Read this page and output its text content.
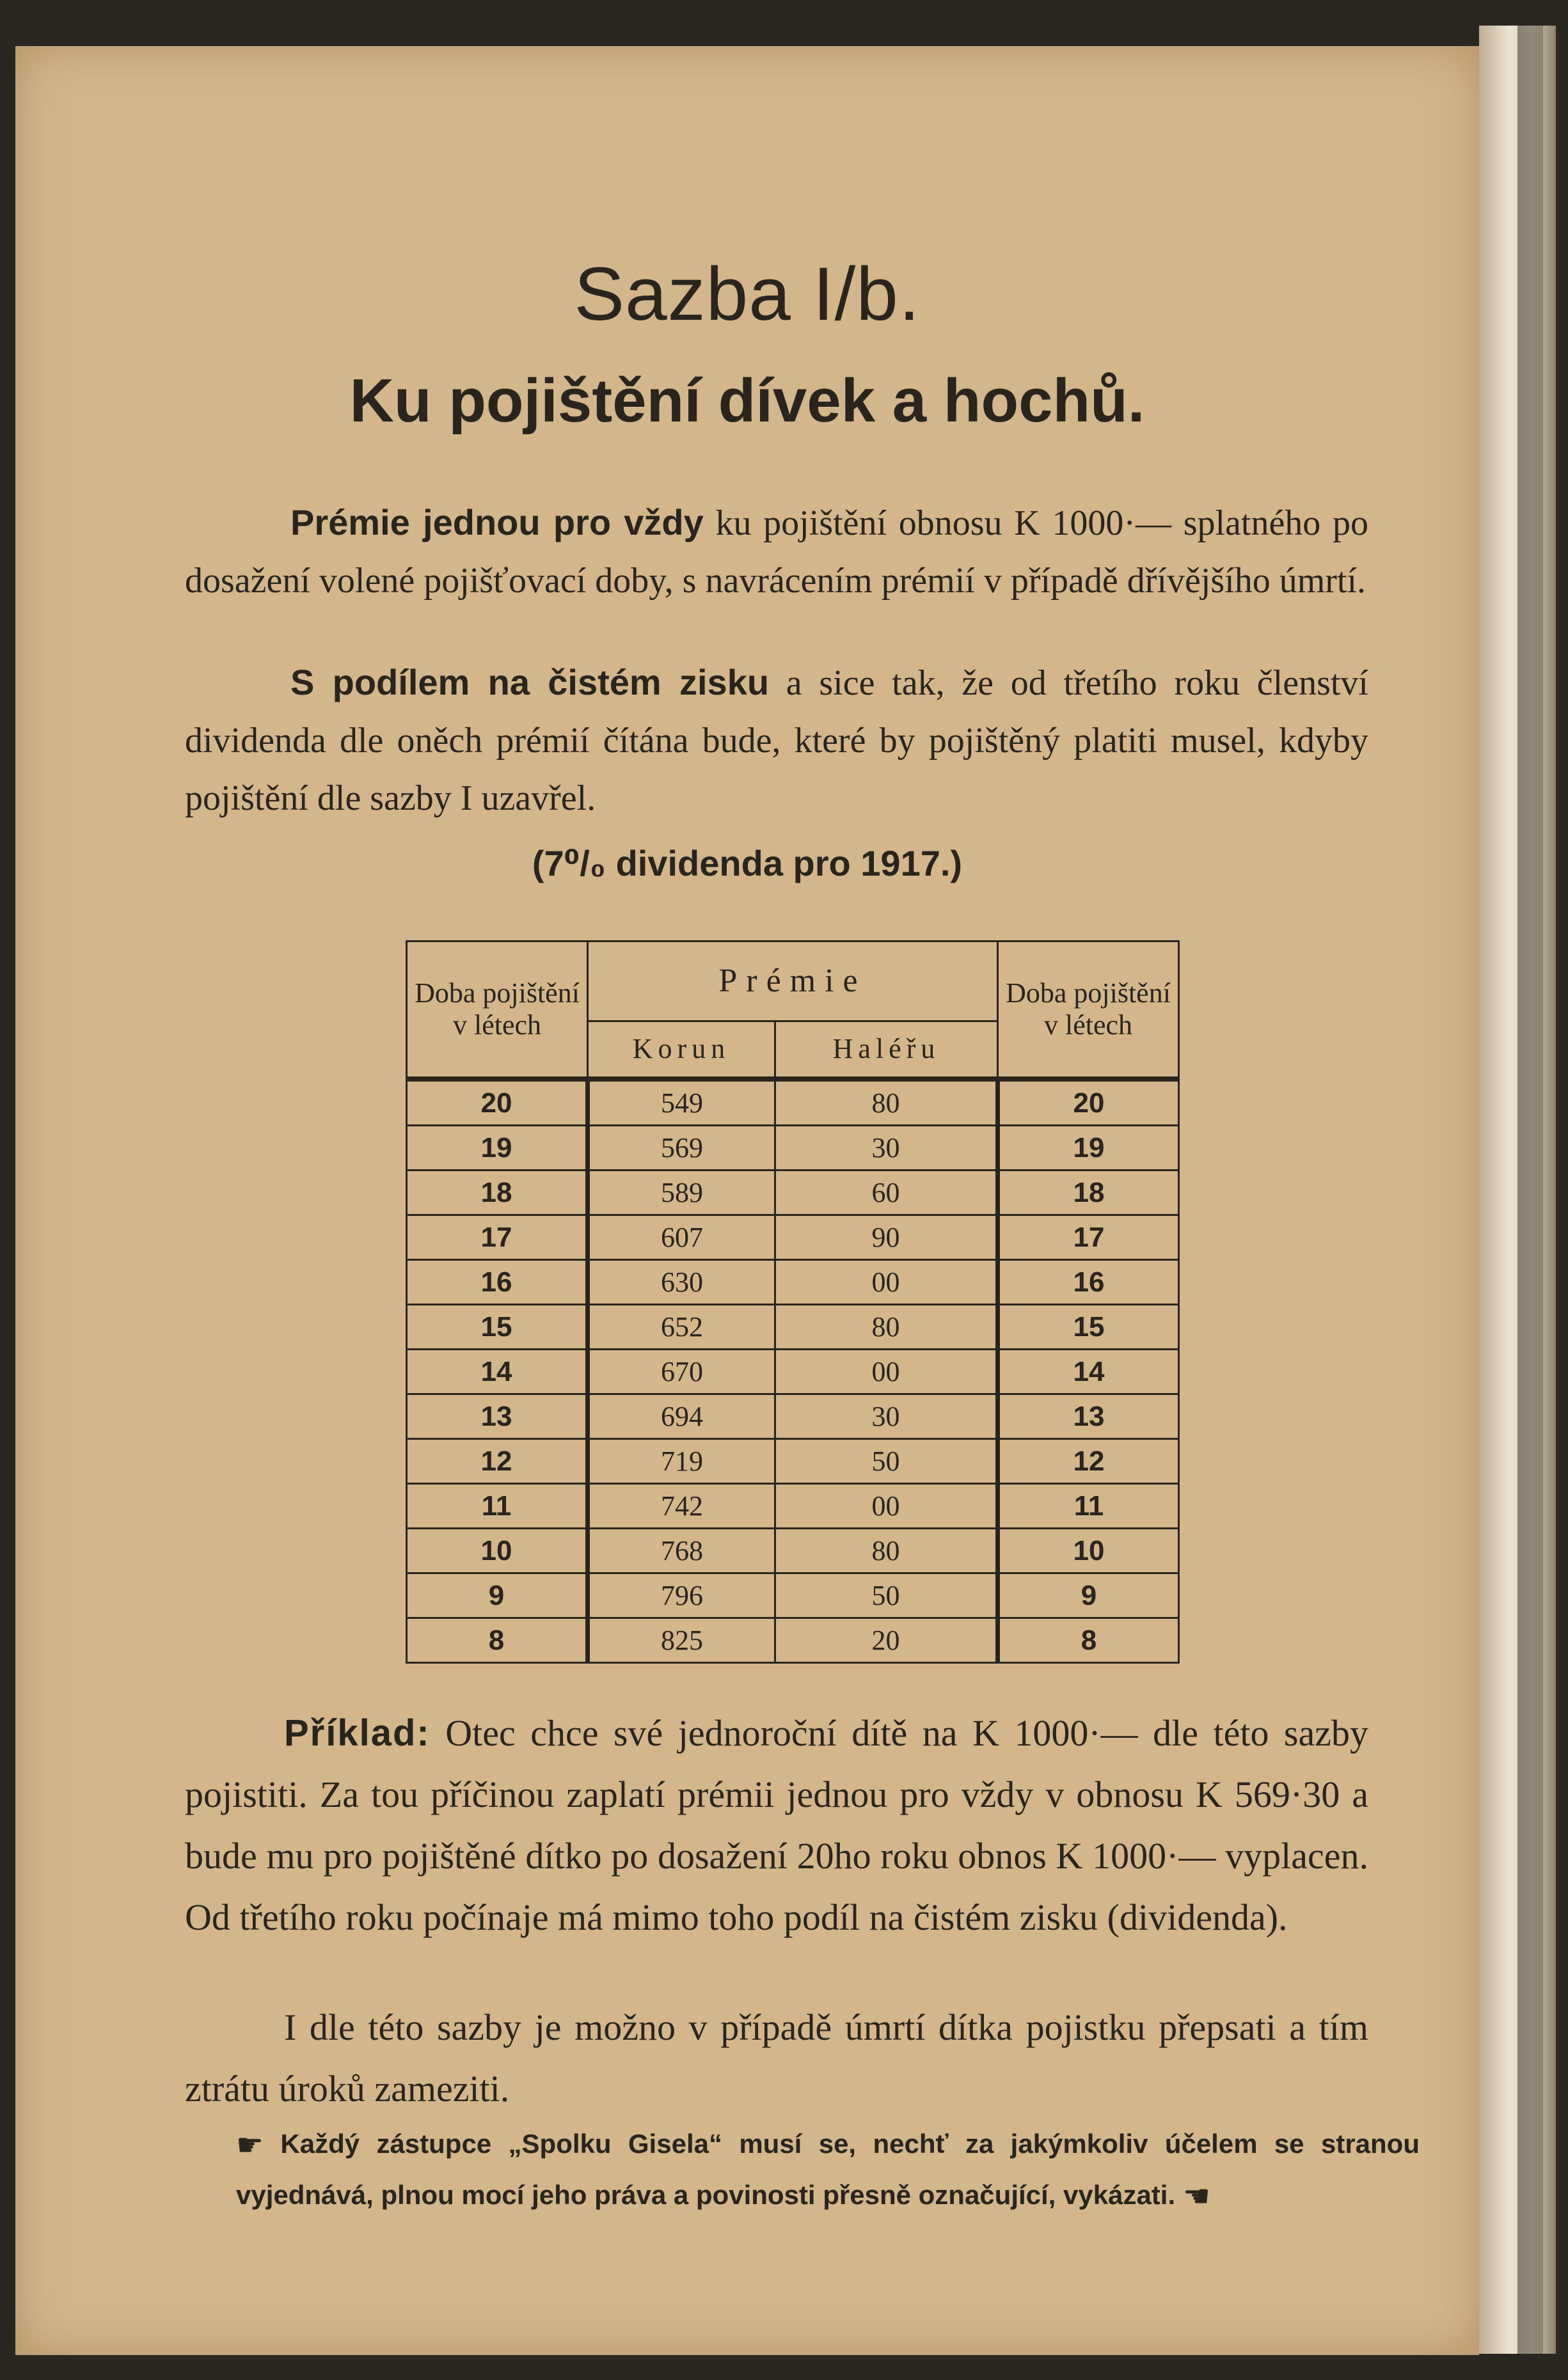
Sazba I/b.
Ku pojištění dívek a hochů.

Prémie jednou pro vždy ku pojištění obnosu K 1000·— splatného po dosažení volené pojišťovací doby, s navrácením prémií v případě dřívějšího úmrtí.

S podílem na čistém zisku a sice tak, že od třetího roku členství dividenda dle oněch prémií čítána bude, které by pojištěný platiti musel, kdyby pojištění dle sazby I uzavřel.

(7⁰/₀ dividenda pro 1917.)
Doba pojištění v létech	Prémie		Doba pojištění v létech
	Korun	Haléřu	
20	549	80	20
19	569	30	19
18	589	60	18
17	607	90	17
16	630	00	16
15	652	80	15
14	670	00	14
13	694	30	13
12	719	50	12
11	742	00	11
10	768	80	10
9	796	50	9
8	825	20	8

Příklad: Otec chce své jednoroční dítě na K 1000·— dle této sazby pojistiti. Za tou příčinou zaplatí prémii jednou pro vždy v obnosu K 569·30 a bude mu pro pojištěné dítko po dosažení 20ho roku obnos K 1000·— vyplacen. Od třetího roku počínaje má mimo toho podíl na čistém zisku (dividenda).

I dle této sazby je možno v případě úmrtí dítka pojistku přepsati a tím ztrátu úroků zameziti.

☛ Každý zástupce „Spolku Gisela“ musí se, nechť za jakýmkoliv účelem se stranou vyjednává, plnou mocí jeho práva a povinosti přesně označující, vykázati. ☚
